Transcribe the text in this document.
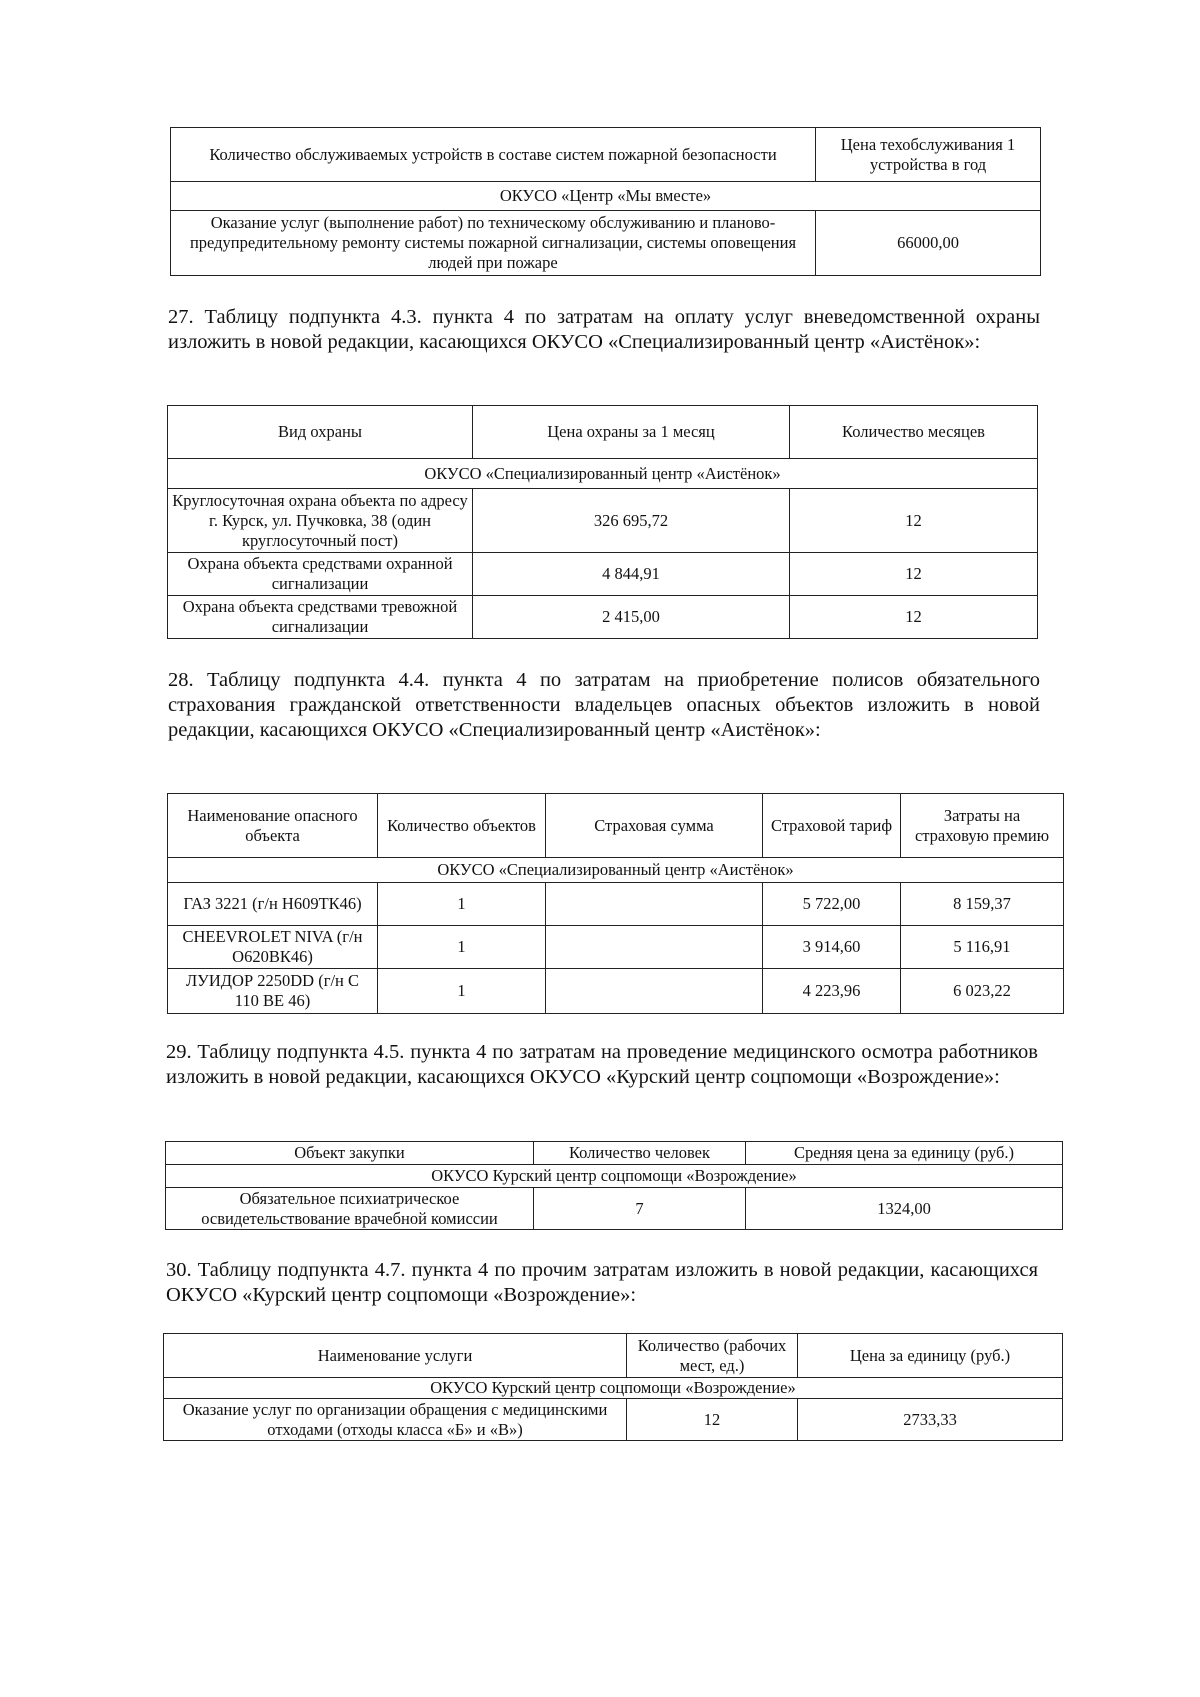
Количество обслуживаемых устройств в составе систем пожарной безопасности	Цена техобслуживания 1 устройства в год
ОКУСО «Центр «Мы вместе»	
Оказание услуг (выполнение работ) по техническому обслуживанию и планово-предупредительному ремонту системы пожарной сигнализации, системы оповещения людей при пожаре	66000,00

27. Таблицу подпункта 4.3. пункта 4 по затратам на оплату услуг вневедомственной охраны изложить в новой редакции, касающихся ОКУСО «Специализированный центр «Аистёнок»:

Вид охраны	Цена охраны за 1 месяц	Количество месяцев
ОКУСО «Специализированный центр «Аистёнок»		
Круглосуточная охрана объекта по адресу г. Курск, ул. Пучковка, 38 (один круглосуточный пост)	326 695,72	12
Охрана объекта средствами охранной сигнализации	4 844,91	12
Охрана объекта средствами тревожной сигнализации	2 415,00	12

28. Таблицу подпункта 4.4. пункта 4 по затратам на приобретение полисов обязательного страхования гражданской ответственности владельцев опасных объектов изложить в новой редакции, касающихся ОКУСО «Специализированный центр «Аистёнок»:

Наименование опасного объекта	Количество объектов	Страховая сумма	Страховой тариф	Затраты на страховую премию
ОКУСО «Специализированный центр «Аистёнок»				
ГАЗ 3221 (г/н Н609ТК46)	1		5 722,00	8 159,37
CHEEVROLET NIVA (г/н О620ВК46)	1		3 914,60	5 116,91
ЛУИДОР 2250DD (г/н С 110 ВЕ 46)	1		4 223,96	6 023,22

29. Таблицу подпункта 4.5. пункта 4 по затратам на проведение медицинского осмотра работников изложить в новой редакции, касающихся ОКУСО «Курский центр соцпомощи «Возрождение»:

Объект закупки	Количество человек	Средняя цена за единицу (руб.)
ОКУСО Курский центр соцпомощи «Возрождение»		
Обязательное психиатрическое освидетельствование врачебной комиссии	7	1324,00

30. Таблицу подпункта 4.7. пункта 4 по прочим затратам изложить в новой редакции, касающихся ОКУСО «Курский центр соцпомощи «Возрождение»:

Наименование услуги	Количество (рабочих мест, ед.)	Цена за единицу (руб.)
ОКУСО Курский центр соцпомощи «Возрождение»		
Оказание услуг по организации обращения с медицинскими отходами (отходы класса «Б» и «В»)	12	2733,33
